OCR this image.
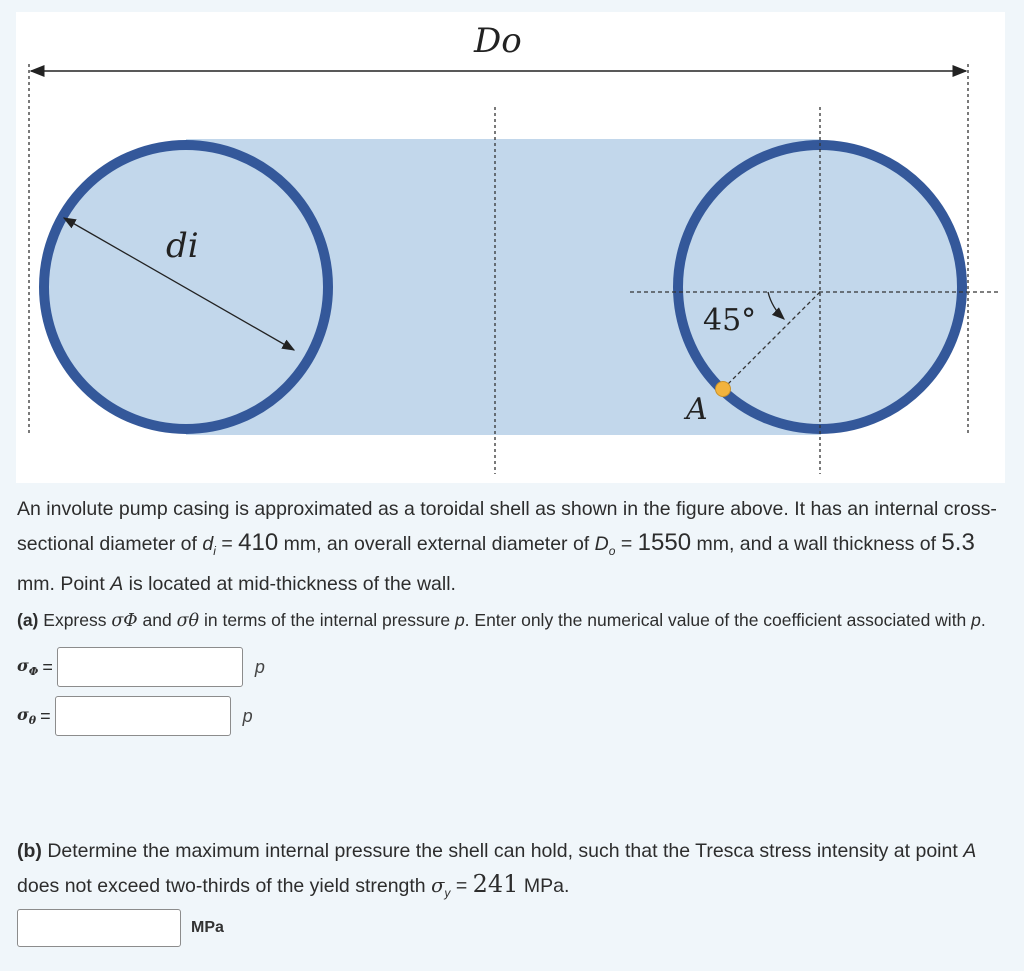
Do
di
45°
A
An involute pump casing is approximated as a toroidal shell as shown in the figure above. It has an internal cross-sectional diameter of $d_i = 410$ mm, an overall external diameter of $D_o = 1550$ mm, and a wall thickness of 5.3 mm. Point A is located at mid-thickness of the wall.
(a) Express σΦ and σθ in terms of the internal pressure p. Enter only the numerical value of the coefficient associated with p.
$\sigma_\Phi$ =	p
$\sigma_\theta$ =	p
(b) Determine the maximum internal pressure the shell can hold, such that the Tresca stress intensity at point A does not exceed two-thirds of the yield strength $\sigma_y = 241$ MPa.
MPa
